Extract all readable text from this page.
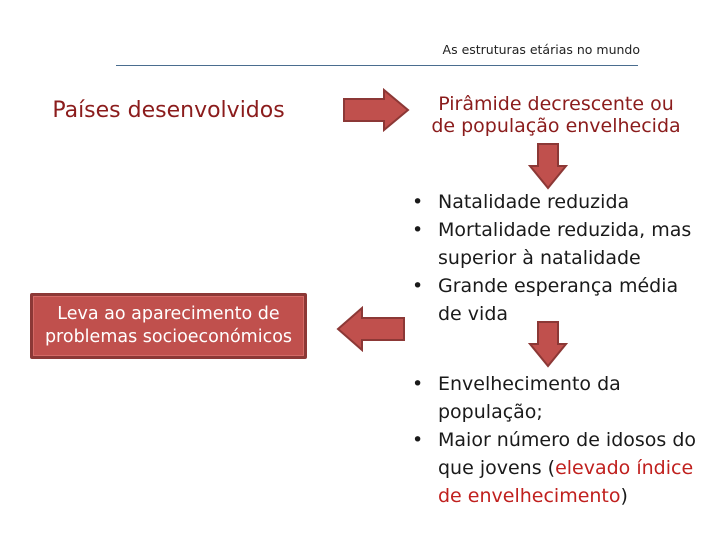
As estruturas etárias no mundo
Países desenvolvidos	Pirâmide decrescente ou
de população envelhecida
• Natalidade reduzida
• Mortalidade reduzida, mas superior à natalidade
• Grande esperança média de vida
Leva ao aparecimento de
problemas socioeconómicos
• Envelhecimento da população;
• Maior número de idosos do que jovens (elevado índice de envelhecimento)
